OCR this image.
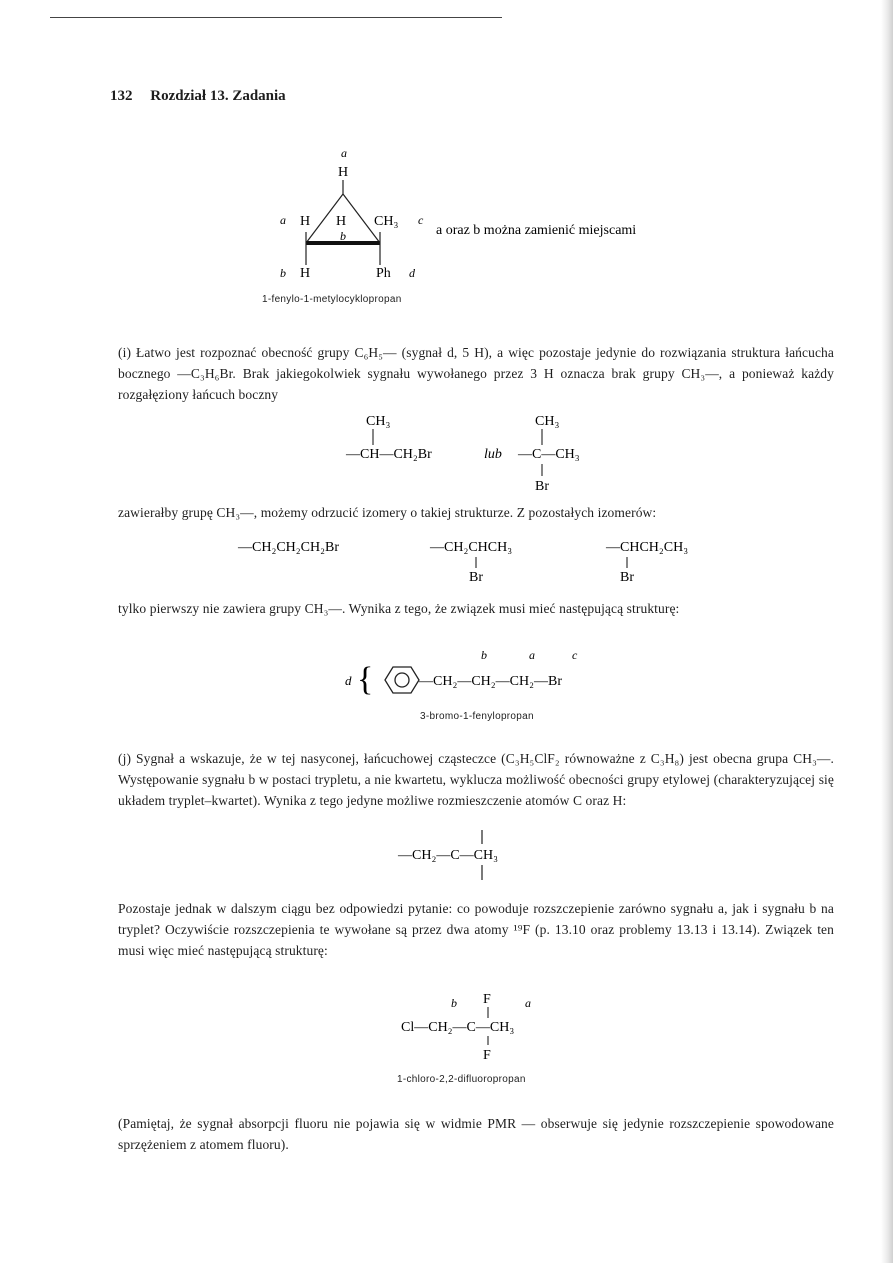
132 Rozdział 13. Zadania
a
H
a H H
b
CH₃ c
b H	Ph d
a oraz b można zamienić miejscami
1-fenylo-1-metylocyklopropan
(i) Łatwo jest rozpoznać obecność grupy C₆H₅— (sygnał d, 5 H), a więc pozostaje jedynie do rozwiązania struktura łańcucha bocznego —C₃H₆Br. Brak jakiegokolwiek sygnału wywołanego przez 3 H oznacza brak grupy CH₃—, a ponieważ każdy rozgałęziony łańcuch boczny
CH₃
—CH—CH₂Br	lub
CH₃
—C—CH₃
Br
zawierałby grupę CH₃—, możemy odrzucić izomery o takiej strukturze. Z pozostałych izomerów:
—CH₂CH₂CH₂Br	—CH₂CHCH₃
Br
—CHCH₂CH₃
Br
tylko pierwszy nie zawiera grupy CH₃—. Wynika z tego, że związek musi mieć następującą strukturę:
d {
b	a	c
—CH₂—CH₂—CH₂—Br
3-bromo-1-fenylopropan
(j) Sygnał a wskazuje, że w tej nasyconej, łańcuchowej cząsteczce (C₃H₅ClF₂ równoważne z C₃H₈) jest obecna grupa CH₃—. Występowanie sygnału b w postaci trypletu, a nie kwartetu, wyklucza możliwość obecności grupy etylowej (charakteryzującej się układem tryplet–kwartet). Wynika z tego jedyne możliwe rozmieszczenie atomów C oraz H:
—CH₂—C—CH₃
Pozostaje jednak w dalszym ciągu bez odpowiedzi pytanie: co powoduje rozszczepienie zarówno sygnału a, jak i sygnału b na tryplet? Oczywiście rozszczepienia te wywołane są przez dwa atomy ¹⁹F (p. 13.10 oraz problemy 13.13 i 13.14). Związek ten musi więc mieć następującą strukturę:
b F	a
Cl—CH₂—C—CH₃
F
1-chloro-2,2-difluoropropan
(Pamiętaj, że sygnał absorpcji fluoru nie pojawia się w widmie PMR — obserwuje się jedynie rozszczepienie spowodowane sprzężeniem z atomem fluoru).
